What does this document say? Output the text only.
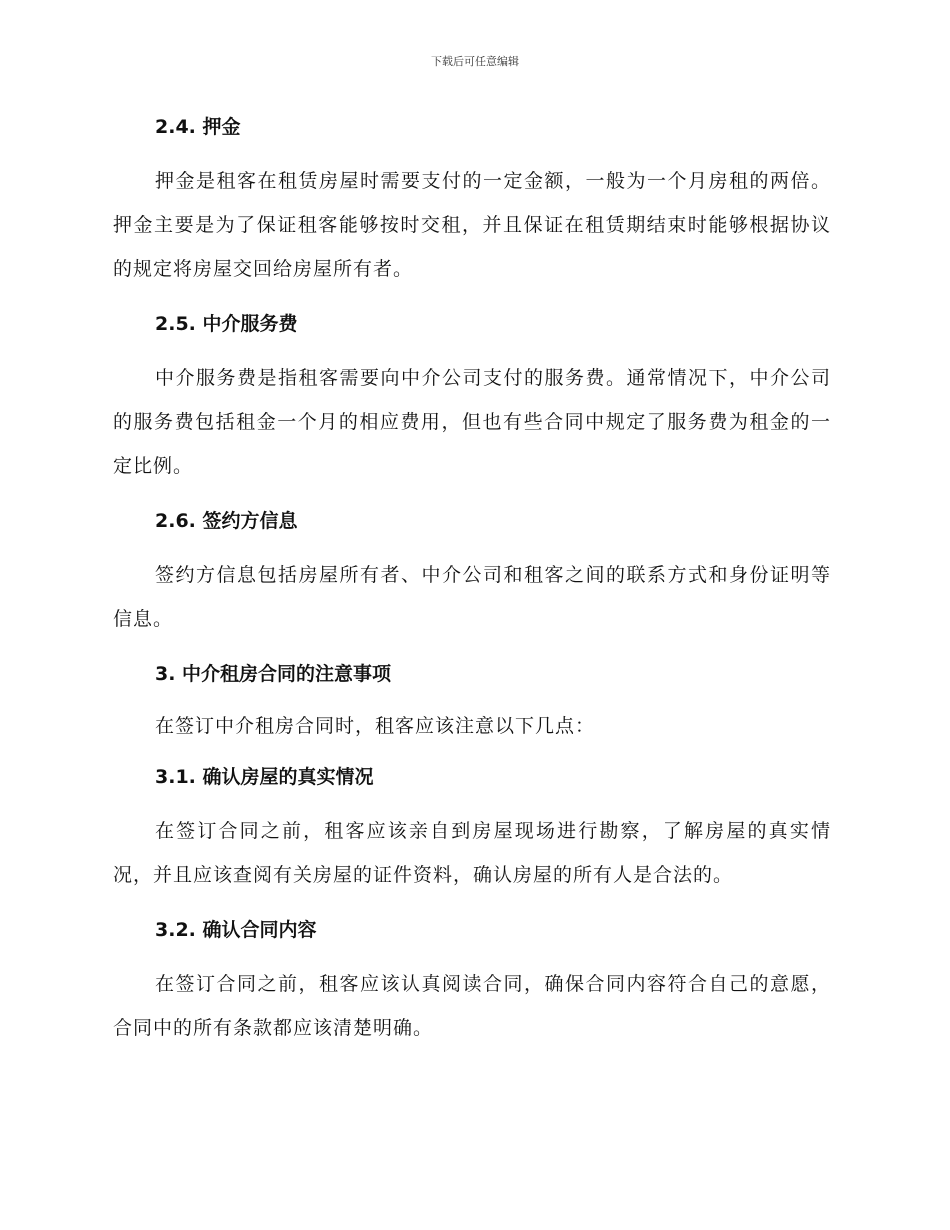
下载后可任意编辑
2.4. 押金

押金是租客在租赁房屋时需要支付的一定金额，一般为一个月房租的两倍。押金主要是为了保证租客能够按时交租，并且保证在租赁期结束时能够根据协议的规定将房屋交回给房屋所有者。

2.5. 中介服务费

中介服务费是指租客需要向中介公司支付的服务费。通常情况下，中介公司的服务费包括租金一个月的相应费用，但也有些合同中规定了服务费为租金的一定比例。

2.6. 签约方信息

签约方信息包括房屋所有者、中介公司和租客之间的联系方式和身份证明等信息。

3. 中介租房合同的注意事项

在签订中介租房合同时，租客应该注意以下几点：

3.1. 确认房屋的真实情况

在签订合同之前，租客应该亲自到房屋现场进行勘察，了解房屋的真实情况，并且应该查阅有关房屋的证件资料，确认房屋的所有人是合法的。

3.2. 确认合同内容

在签订合同之前，租客应该认真阅读合同，确保合同内容符合自己的意愿，合同中的所有条款都应该清楚明确。
